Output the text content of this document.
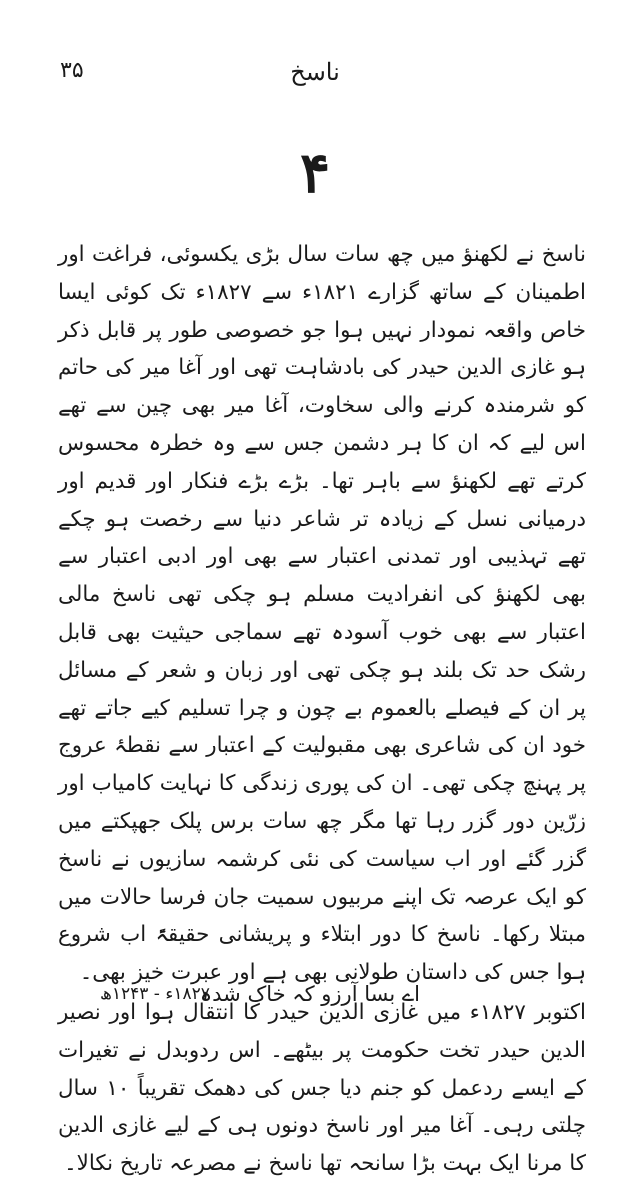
۳۵	ناسخ
۴

ناسخ نے لکھنؤ میں چھ سات سال بڑی یکسوئی، فراغت اور اطمینان کے ساتھ گزارے ۱۸۲۱ء سے ۱۸۲۷ء تک کوئی ایسا خاص واقعہ نمودار نہیں ہوا جو خصوصی طور پر قابل ذکر ہو غازی الدین حیدر کی بادشاہت تھی اور آغا میر کی حاتم کو شرمندہ کرنے والی سخاوت، آغا میر بھی چین سے تھے اس لیے کہ ان کا ہر دشمن جس سے وہ خطرہ محسوس کرتے تھے لکھنؤ سے باہر تھا۔ بڑے بڑے فنکار اور قدیم اور درمیانی نسل کے زیادہ تر شاعر دنیا سے رخصت ہو چکے تھے تہذیبی اور تمدنی اعتبار سے بھی اور ادبی اعتبار سے بھی لکھنؤ کی انفرادیت مسلم ہو چکی تھی ناسخ مالی اعتبار سے بھی خوب آسودہ تھے سماجی حیثیت بھی قابل رشک حد تک بلند ہو چکی تھی اور زبان و شعر کے مسائل پر ان کے فیصلے بالعموم بے چون و چرا تسلیم کیے جاتے تھے خود ان کی شاعری بھی مقبولیت کے اعتبار سے نقطۂ عروج پر پہنچ چکی تھی۔ ان کی پوری زندگی کا نہایت کامیاب اور زرّین دور گزر رہا تھا مگر چھ سات برس پلک جھپکتے میں گزر گئے اور اب سیاست کی نئی کرشمہ سازیوں نے ناسخ کو ایک عرصہ تک اپنے مربیوں سمیت جان فرسا حالات میں مبتلا رکھا۔ ناسخ کا دور ابتلاء و پریشانی حقیقۃً اب شروع ہوا جس کی داستان طولانی بھی ہے اور عبرت خیز بھی۔

اکتوبر ۱۸۲۷ء میں غازی الدین حیدر کا انتقال ہوا اور نصیر الدین حیدر تخت حکومت پر بیٹھے۔ اس ردوبدل نے تغیرات کے ایسے ردعمل کو جنم دیا جس کی دھمک تقریباً ۱۰ سال چلتی رہی۔ آغا میر اور ناسخ دونوں ہی کے لیے غازی الدین کا مرنا ایک بہت بڑا سانحہ تھا ناسخ نے مصرعہ تاریخ نکالا۔

اے بسا آرزو کہ خاک شدہ
۱۸۲۷ء - ۱۲۴۳ھ
